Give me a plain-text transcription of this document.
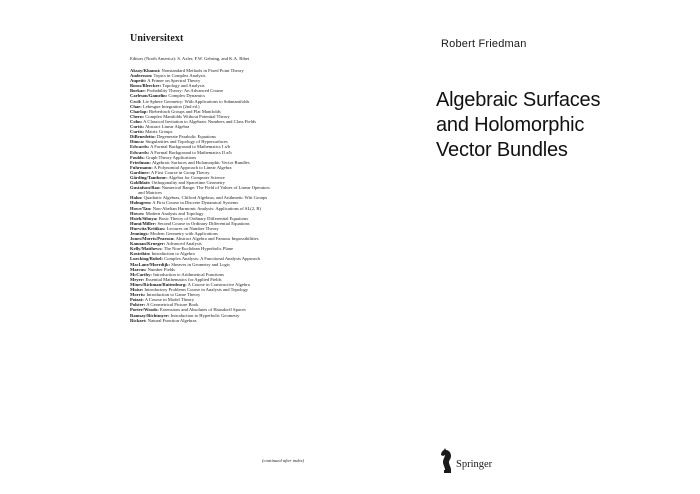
Universitext
Editors (North America): S. Axler, F.W. Gehring, and K.A. Ribet
Aksoy/Khamsi: Nonstandard Methods in Fixed Point Theory
Andersson: Topics in Complex Analysis
Aupetit: A Primer on Spectral Theory
Booss/Bleecker: Topology and Analysis
Borkar: Probability Theory: An Advanced Course
Carleson/Gamelin: Complex Dynamics
Cecil: Lie Sphere Geometry: With Applications to Submanifolds
Chae: Lebesgue Integration (2nd ed.)
Charlap: Bieberbach Groups and Flat Manifolds
Chern: Complex Manifolds Without Potential Theory
Cohn: A Classical Invitation to Algebraic Numbers and Class Fields
Curtis: Abstract Linear Algebra
Curtis: Matrix Groups
DiBenedetto: Degenerate Parabolic Equations
Dimca: Singularities and Topology of Hypersurfaces
Edwards: A Formal Background to Mathematics I a/b
Edwards: A Formal Background to Mathematics II a/b
Foulds: Graph Theory Applications
Friedman: Algebraic Surfaces and Holomorphic Vector Bundles
Fuhrmann: A Polynomial Approach to Linear Algebra
Gardiner: A First Course in Group Theory
Gårding/Tambour: Algebra for Computer Science
Goldblatt: Orthogonality and Spacetime Geometry
Gustafson/Rao: Numerical Range: The Field of Values of Linear Operators
and Matrices
Hahn: Quadratic Algebras, Clifford Algebras, and Arithmetic Witt Groups
Holmgren: A First Course in Discrete Dynamical Systems
Howe/Tan: Non-Abelian Harmonic Analysis: Applications of SL(2, R)
Howes: Modern Analysis and Topology
Hsieh/Sibuya: Basic Theory of Ordinary Differential Equations
Humi/Miller: Second Course in Ordinary Differential Equations
Hurwitz/Kritikos: Lectures on Number Theory
Jennings: Modern Geometry with Applications
Jones/Morris/Pearson: Abstract Algebra and Famous Impossibilities
Kannan/Krueger: Advanced Analysis
Kelly/Matthews: The Non-Euclidean Hyperbolic Plane
Kostrikin: Introduction to Algebra
Luecking/Rubel: Complex Analysis: A Functional Analysis Approach
MacLane/Moerdijk: Sheaves in Geometry and Logic
Marcus: Number Fields
McCarthy: Introduction to Arithmetical Functions
Meyer: Essential Mathematics for Applied Fields
Mines/Richman/Ruitenburg: A Course in Constructive Algebra
Moise: Introductory Problems Course in Analysis and Topology
Morris: Introduction to Game Theory
Poizat: A Course in Model Theory
Polster: A Geometrical Picture Book
Porter/Woods: Extensions and Absolutes of Hausdorff Spaces
Ramsay/Richtmyer: Introduction to Hyperbolic Geometry
Rickart: Natural Function Algebras
(continued after index)
Robert Friedman
Algebraic Surfaces
and Holomorphic
Vector Bundles
Springer
